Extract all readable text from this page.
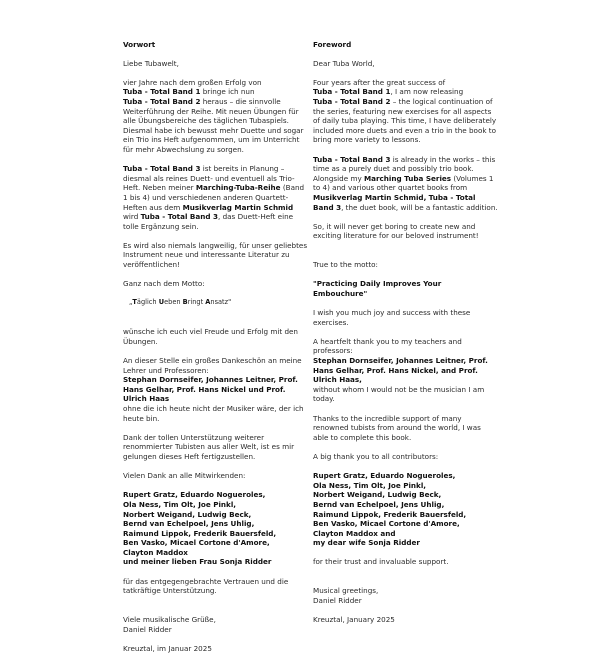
Vorwort

Liebe Tubawelt,

vier Jahre nach dem großen Erfolg von
Tuba - Total Band 1 bringe ich nun
Tuba - Total Band 2 heraus – die sinnvolle Weiterführung der Reihe. Mit neuen Übungen für alle Übungsbereiche des täglichen Tubaspiels. Diesmal habe ich bewusst mehr Duette und sogar ein Trio ins Heft aufgenommen, um im Unterricht für mehr Abwechslung zu sorgen.

Tuba - Total Band 3 ist bereits in Planung – diesmal als reines Duett- und eventuell als Trio-Heft. Neben meiner Marching-Tuba-Reihe (Band 1 bis 4) und verschiedenen anderen Quartett-Heften aus dem Musikverlag Martin Schmid wird Tuba - Total Band 3, das Duett-Heft eine tolle Ergänzung sein.

Es wird also niemals langweilig, für unser geliebtes Instrument neue und interessante Literatur zu veröffentlichen!

Ganz nach dem Motto:

„Täglich Ueben Bringt Ansatz"

wünsche ich euch viel Freude und Erfolg mit den Übungen.

An dieser Stelle ein großes Dankeschön an meine Lehrer und Professoren:
Stephan Dornseifer, Johannes Leitner, Prof. Hans Gelhar, Prof. Hans Nickel und Prof. Ulrich Haas
ohne die ich heute nicht der Musiker wäre, der ich heute bin.

Dank der tollen Unterstützung weiterer renommierter Tubisten aus aller Welt, ist es mir gelungen dieses Heft fertigzustellen.

Vielen Dank an alle Mitwirkenden:

Rupert Gratz, Eduardo Nogueroles,
Ola Ness, Tim Olt, Joe Pinkl,
Norbert Weigand, Ludwig Beck,
Bernd van Echelpoel, Jens Uhlig,
Raimund Lippok, Frederik Bauersfeld,
Ben Vasko, Micael Cortone d'Amore,
Clayton Maddox
und meiner lieben Frau Sonja Ridder

für das entgegengebrachte Vertrauen und die tatkräftige Unterstützung.

Viele musikalische Grüße,
Daniel Ridder

Kreuztal, im Januar 2025

Foreword

Dear Tuba World,

Four years after the great success of
Tuba - Total Band 1, I am now releasing
Tuba - Total Band 2 – the logical continuation of the series, featuring new exercises for all aspects of daily tuba playing. This time, I have deliberately included more duets and even a trio in the book to bring more variety to lessons.

Tuba - Total Band 3 is already in the works – this time as a purely duet and possibly trio book. Alongside my Marching Tuba Series (Volumes 1 to 4) and various other quartet books from Musikverlag Martin Schmid, Tuba - Total Band 3, the duet book, will be a fantastic addition.

So, it will never get boring to create new and exciting literature for our beloved instrument!

True to the motto:

"Practicing Daily Improves Your Embouchure"

I wish you much joy and success with these exercises.

A heartfelt thank you to my teachers and professors:
Stephan Dornseifer, Johannes Leitner, Prof. Hans Gelhar, Prof. Hans Nickel, and Prof. Ulrich Haas,
without whom I would not be the musician I am today.

Thanks to the incredible support of many renowned tubists from around the world, I was able to complete this book.

A big thank you to all contributors:

Rupert Gratz, Eduardo Nogueroles,
Ola Ness, Tim Olt, Joe Pinkl,
Norbert Weigand, Ludwig Beck,
Bernd van Echelpoel, Jens Uhlig,
Raimund Lippok, Frederik Bauersfeld,
Ben Vasko, Micael Cortone d'Amore,
Clayton Maddox and
my dear wife Sonja Ridder

for their trust and invaluable support.

Musical greetings,
Daniel Ridder

Kreuztal, January 2025
